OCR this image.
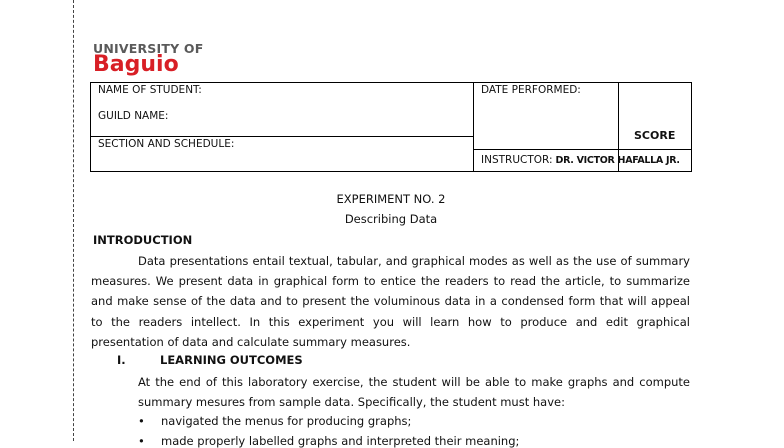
UNIVERSITY OF
Baguio
NAME OF STUDENT:
GUILD NAME:
SECTION AND SCHEDULE:
DATE PERFORMED:
SCORE
INSTRUCTOR: DR. VICTOR HAFALLA JR.
EXPERIMENT NO. 2
Describing Data
INTRODUCTION
Data presentations entail textual, tabular, and graphical modes as well as the use of summary measures. We present data in graphical form to entice the readers to read the article, to summarize and make sense of the data and to present the voluminous data in a condensed form that will appeal to the readers intellect. In this experiment you will learn how to produce and edit graphical presentation of data and calculate summary measures.
I.	LEARNING OUTCOMES
At the end of this laboratory exercise, the student will be able to make graphs and compute summary mesures from sample data. Specifically, the student must have:
• navigated the menus for producing graphs;
• made properly labelled graphs and interpreted their meaning;
